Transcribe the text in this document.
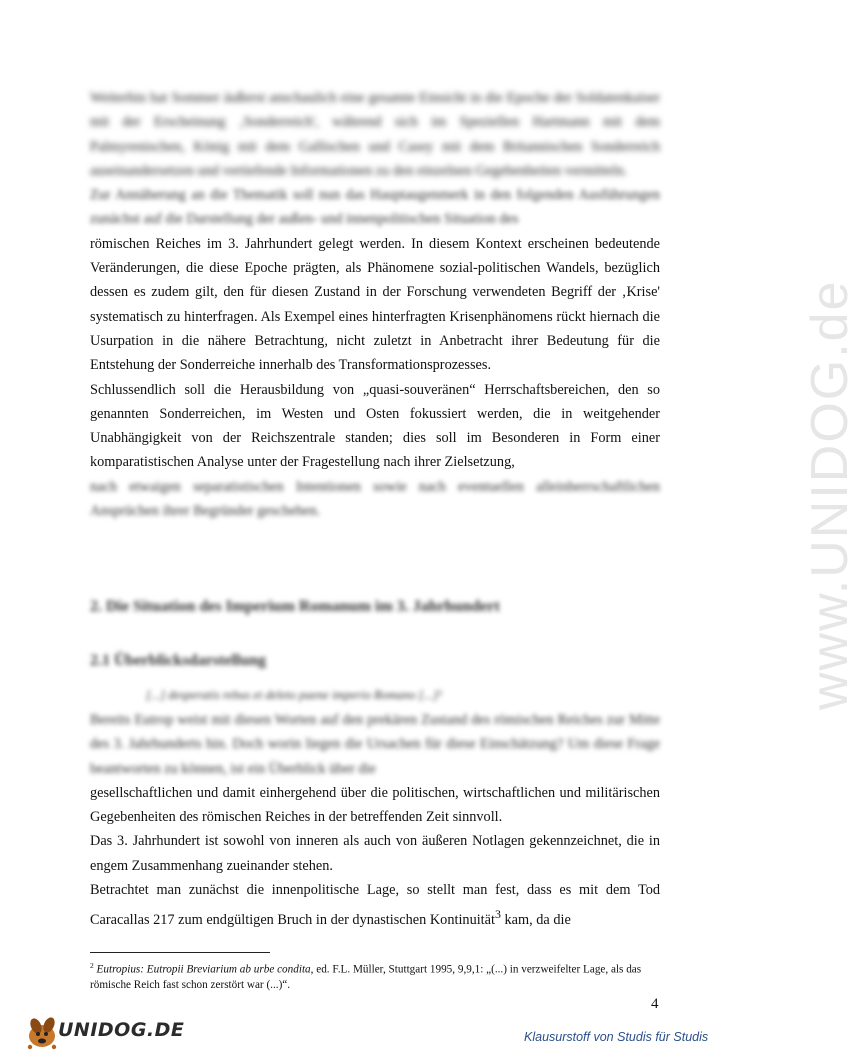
www.UNIDOG.de

Weiterhin hat Sommer äußerst anschaulich eine gesamte Einsicht in die Epoche der Soldatenkaiser mit der Erscheinung ‚Sonderreich', während sich im Speziellen Hartmann mit dem Palmyrenischen, König mit dem Gallischen und Casey mit dem Britannischen Sonderreich auseinandersetzen und vertiefende Informationen zu den einzelnen Gegebenheiten vermitteln.

Zur Annäherung an die Thematik soll nun das Hauptaugenmerk in den folgenden Ausführungen zunächst auf die Darstellung der außen- und innenpolitischen Situation des

römischen Reiches im 3. Jahrhundert gelegt werden. In diesem Kontext erscheinen bedeutende Veränderungen, die diese Epoche prägten, als Phänomene sozial-politischen Wandels, bezüglich dessen es zudem gilt, den für diesen Zustand in der Forschung verwendeten Begriff der ‚Krise' systematisch zu hinterfragen. Als Exempel eines hinterfragten Krisenphänomens rückt hiernach die Usurpation in die nähere Betrachtung, nicht zuletzt in Anbetracht ihrer Bedeutung für die Entstehung der Sonderreiche innerhalb des Transformationsprozesses.

Schlussendlich soll die Herausbildung von „quasi-souveränen“ Herrschaftsbereichen, den so genannten Sonderreichen, im Westen und Osten fokussiert werden, die in weitgehender Unabhängigkeit von der Reichszentrale standen; dies soll im Besonderen in Form einer komparatistischen Analyse unter der Fragestellung nach ihrer Zielsetzung,

nach etwaigen separatistischen Intentionen sowie nach eventuellen alleinherrschaftlichen Ansprüchen ihrer Begründer geschehen.

2. Die Situation des Imperium Romanum im 3. Jahrhundert

2.1 Überblicksdarstellung

[...] desperatis rebus et deleto paene imperio Romano [...]²

Bereits Eutrop weist mit diesen Worten auf den prekären Zustand des römischen Reiches zur Mitte des 3. Jahrhunderts hin. Doch worin liegen die Ursachen für diese Einschätzung? Um diese Frage beantworten zu können, ist ein Überblick über die

gesellschaftlichen und damit einhergehend über die politischen, wirtschaftlichen und militärischen Gegebenheiten des römischen Reiches in der betreffenden Zeit sinnvoll.

Das 3. Jahrhundert ist sowohl von inneren als auch von äußeren Notlagen gekennzeichnet, die in engem Zusammenhang zueinander stehen.

Betrachtet man zunächst die innenpolitische Lage, so stellt man fest, dass es mit dem Tod Caracallas 217 zum endgültigen Bruch in der dynastischen Kontinuität$^3$ kam, da die

$^2$ Eutropius: Eutropii Breviarium ab urbe condita, ed. F.L. Müller, Stuttgart 1995, 9,9,1: „(...) in verzweifelter Lage, als das römische Reich fast schon zerstört war (...)“.
4
UNIDOG.DE	Klausurstoff von Studis für Studis
